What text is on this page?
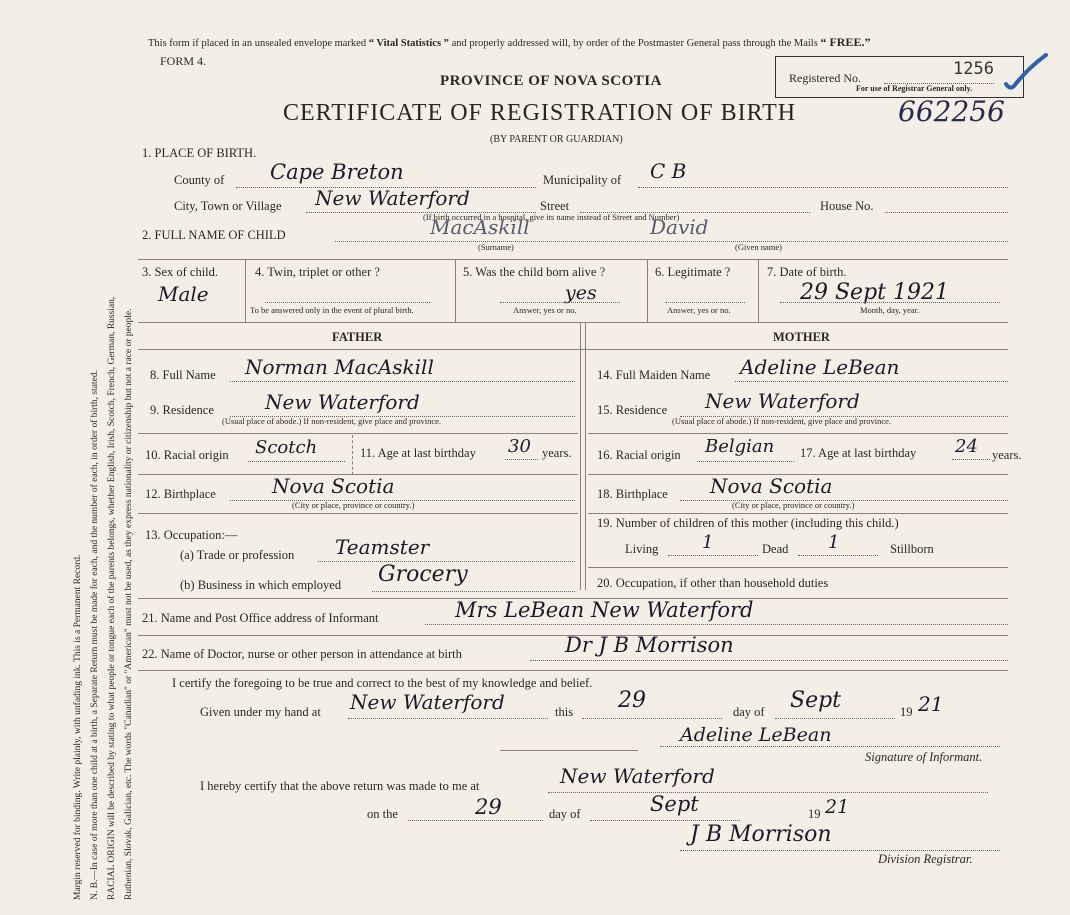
Margin reserved for binding. Write plainly, with unfading ink. This is a Permanent Record. N. B.—In case of more than one child at a birth, a Separate Return must be made for each, and the number of each, in order of birth, stated. RACIAL ORIGIN will be described by stating to what people or tongue each of the parents belongs, whether English, Irish, Scotch, French, German, Russian, Ruthenian, Slovak, Galician, etc. The words "Canadian" or "American" must not be used, as they express nationality or citizenship but not a race or people.
This form if placed in an unsealed envelope marked “ Vital Statistics ” and properly addressed will, by order of the Postmaster General pass through the Mails “ FREE.”
FORM 4.
PROVINCE OF NOVA SCOTIA
CERTIFICATE OF REGISTRATION OF BIRTH
(BY PARENT OR GUARDIAN)
662256
Registered No.	1256
For use of Registrar General only.
1. PLACE OF BIRTH.
County of Cape Breton	Municipality of C B
City, Town or Village New Waterford	Street	House No.
(If birth occurred in a hospital, give its name instead of Street and Number)
2. FULL NAME OF CHILD	MacAskill	David
(Surname)	(Given name)
3. Sex of child.
Male
4. Twin, triplet or other ?
To be answered only in the event of plural birth.
5. Was the child born alive ?
yes
Answer, yes or no.
6. Legitimate ?
Answer, yes or no.
7. Date of birth.
29 Sept 1921
Month, day, year.
FATHER	MOTHER
8. Full Name Norman MacAskill
9. Residence	New Waterford
(Usual place of abode.) If non-resident, give place and province.
10. Racial origin Scotch	11. Age at last birthday 30 years.
12. Birthplace	Nova Scotia
(City or place, province or country.)
13. Occupation:—
(a) Trade or profession Teamster
(b) Business in which employed Grocery
14. Full Maiden Name Adeline LeBean
15. Residence New Waterford
(Usual place of abode.) If non-resident, give place and province.
16. Racial origin Belgian 17. Age at last birthday 24 years.
18. Birthplace Nova Scotia
(City or place, province or country.)
19. Number of children of this mother (including this child.)
Living 1	Dead 1	Stillborn
20. Occupation, if other than household duties
21. Name and Post Office address of Informant	Mrs LeBean New Waterford
22. Name of Doctor, nurse or other person in attendance at birth	Dr J B Morrison
I certify the foregoing to be true and correct to the best of my knowledge and belief.
Given under my hand at New Waterford	this 29	day of Sept	19 21
Adeline LeBean
Signature of Informant.
I hereby certify that the above return was made to me at	New Waterford
on the	29	day of	Sept	19 21
J B Morrison
Division Registrar.
